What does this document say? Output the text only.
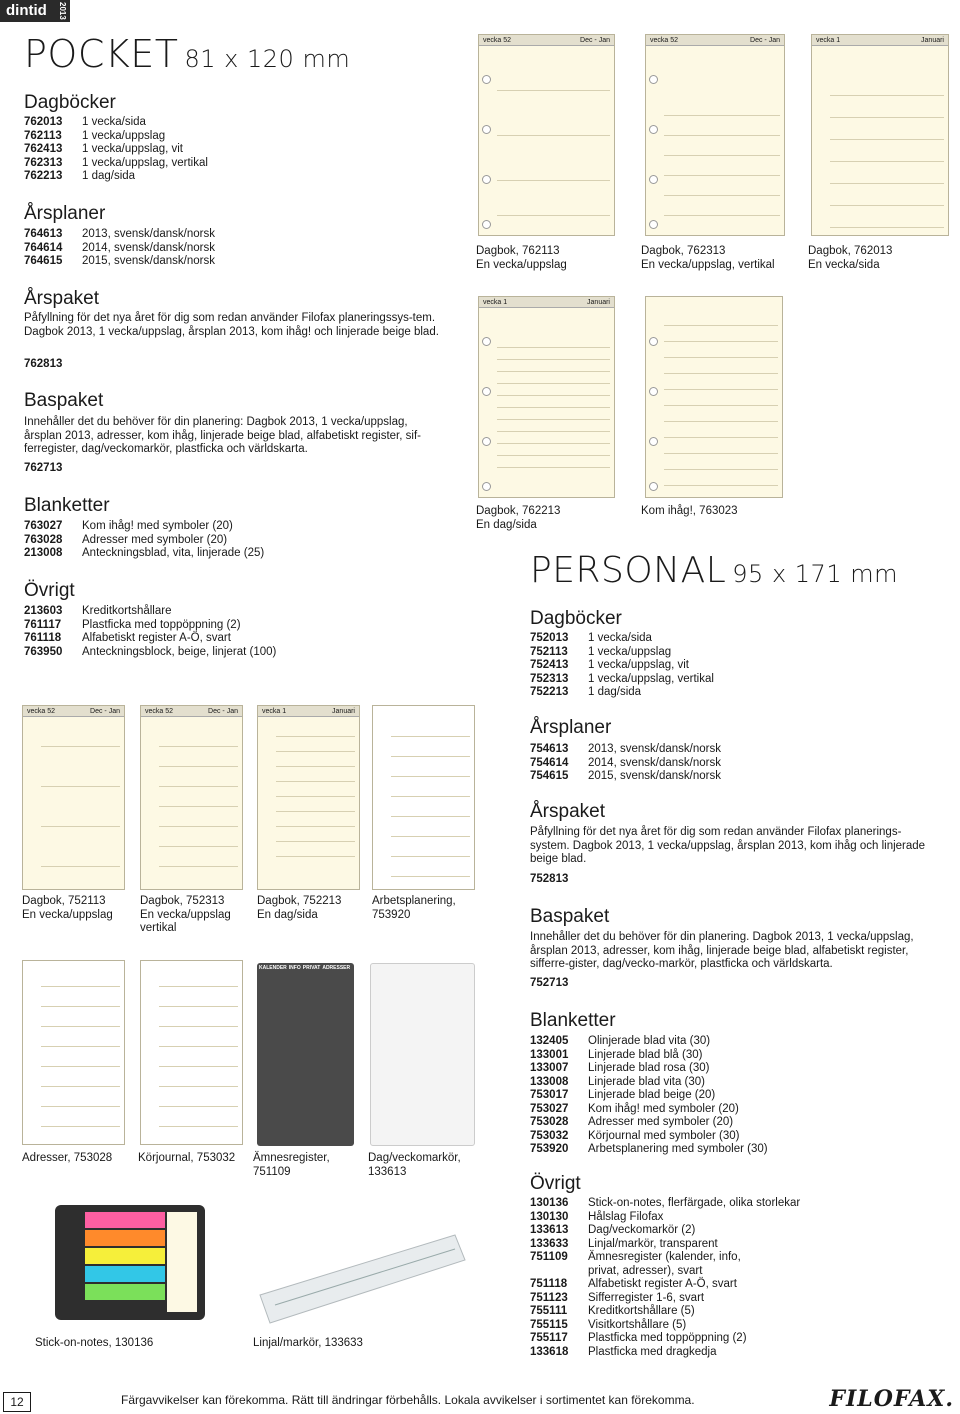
dintid 2013
POCKET 81 x 120 mm
Dagböcker
762013	1 vecka/sida
762113	1 vecka/uppslag
762413	1 vecka/uppslag, vit
762313	1 vecka/uppslag, vertikal
762213	1 dag/sida
Årsplaner
764613	2013, svensk/dansk/norsk
764614	2014, svensk/dansk/norsk
764615	2015, svensk/dansk/norsk
Årspaket
Påfyllning för det nya året för dig som redan använder Filofax planeringssys-tem. Dagbok 2013, 1 vecka/uppslag, årsplan 2013, kom ihåg! och linjerade beige blad.
762813
Baspaket
Innehåller det du behöver för din planering: Dagbok 2013, 1 vecka/uppslag, årsplan 2013, adresser, kom ihåg, linjerade beige blad, alfabetiskt register, sif-ferregister, dag/veckomarkör, plastficka och världskarta.
762713
Blanketter
763027	Kom ihåg! med symboler (20)
763028	Adresser med symboler (20)
213008	Anteckningsblad, vita, linjerade (25)
Övrigt
213603	Kreditkortshållare
761117	Plastficka med toppöppning (2)
761118	Alfabetiskt register A-Ö, svart
763950	Anteckningsblock, beige, linjerat (100)
vecka 52	Dec - Jan
Dagbok, 762113
En vecka/uppslag
vecka 52	Dec - Jan
Dagbok, 762313
En vecka/uppslag, vertikal
vecka 1	Januari
Dagbok, 762013
En vecka/sida
vecka 1	Januari
Dagbok, 762213
En dag/sida
Kom ihåg!, 763023
PERSONAL 95 x 171 mm
Dagböcker
752013	1 vecka/sida
752113	1 vecka/uppslag
752413	1 vecka/uppslag, vit
752313	1 vecka/uppslag, vertikal
752213	1 dag/sida
Årsplaner
754613	2013, svensk/dansk/norsk
754614	2014, svensk/dansk/norsk
754615	2015, svensk/dansk/norsk
Årspaket
Påfyllning för det nya året för dig som redan använder Filofax planerings-system. Dagbok 2013, 1 vecka/uppslag, årsplan 2013, kom ihåg och linjerade beige blad.
752813
Baspaket
Innehåller det du behöver för din planering. Dagbok 2013, 1 vecka/uppslag, årsplan 2013, adresser, kom ihåg, linjerade beige blad, alfabetiskt register, sifferre-gister, dag/vecko-markör, plastficka och världskarta.
752713
Blanketter
132405	Olinjerade blad vita (30)
133001	Linjerade blad blå (30)
133007	Linjerade blad rosa (30)
133008	Linjerade blad vita (30)
753017	Linjerade blad beige (20)
753027	Kom ihåg! med symboler (20)
753028	Adresser med symboler (20)
753032	Körjournal med symboler (30)
753920	Arbetsplanering med symboler (30)
Övrigt
130136	Stick-on-notes, flerfärgade, olika storlekar
130130	Hålslag Filofax
133613	Dag/veckomarkör (2)
133633	Linjal/markör, transparent
751109	Ämnesregister (kalender, info,
privat, adresser), svart
751118	Alfabetiskt register A-Ö, svart
751123	Sifferregister 1-6, svart
755111	Kreditkortshållare (5)
755115	Visitkortshållare (5)
755117	Plastficka med toppöppning (2)
133618	Plastficka med dragkedja
vecka 52	Dec - Jan
Dagbok, 752113
En vecka/uppslag
vecka 52	Dec - Jan
Dagbok, 752313
En vecka/uppslag
vertikal
vecka 1	Januari
Dagbok, 752213
En dag/sida
Arbetsplanering,
753920
Adresser, 753028 Körjournal, 753032
KALENDER INFO PRIVAT ADRESSER
Ämnesregister,
751109
Dag/veckomarkör,
133613
Stick-on-notes, 130136	Linjal/markör, 133633
12	Färgavvikelser kan förekomma. Rätt till ändringar förbehålls. Lokala avvikelser i sortimentet kan förekomma.	FILOFAX.
